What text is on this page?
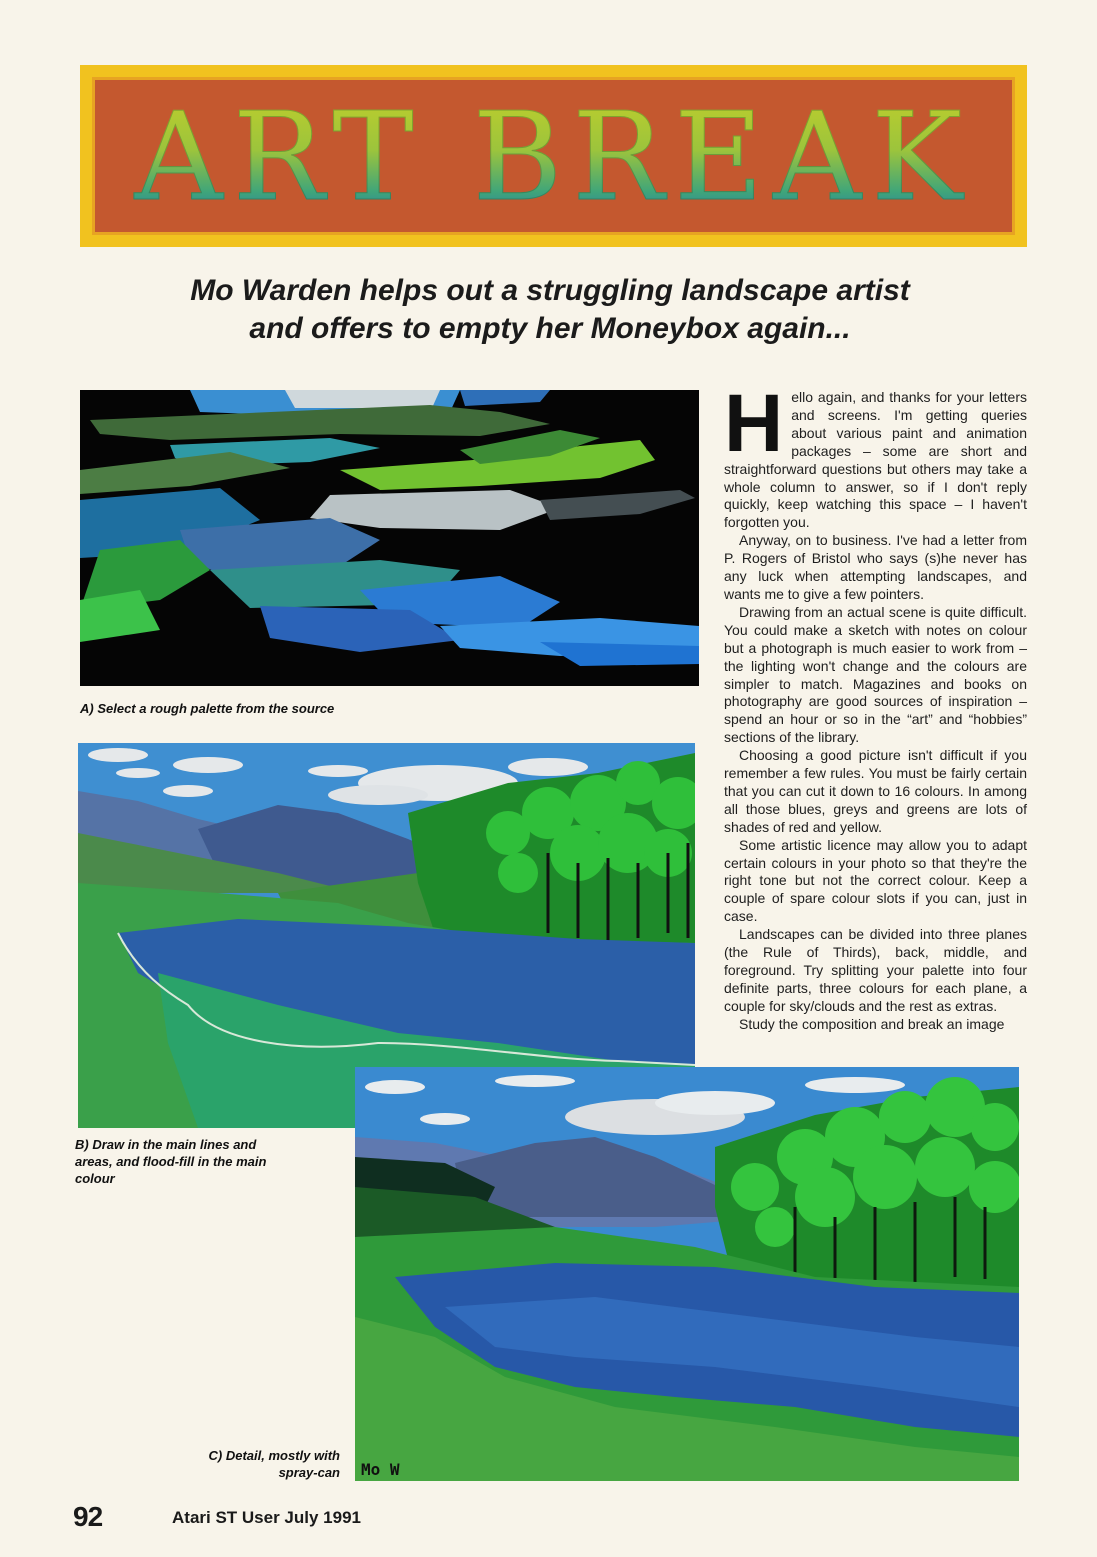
ART BREAK
Mo Warden helps out a struggling landscape artist
and offers to empty her Moneybox again...
A) Select a rough palette from the source
B) Draw in the main lines and areas, and flood-fill in the main colour
Mo W
C) Detail, mostly with spray-can

Hello again, and thanks for your letters and screens. I'm getting queries about various paint and animation packages – some are short and straightforward questions but others may take a whole column to answer, so if I don't reply quickly, keep watching this space – I haven't forgotten you.

Anyway, on to business. I've had a letter from P. Rogers of Bristol who says (s)he never has any luck when attempting landscapes, and wants me to give a few pointers.

Drawing from an actual scene is quite difficult. You could make a sketch with notes on colour but a photograph is much easier to work from – the lighting won't change and the colours are simpler to match. Magazines and books on photography are good sources of inspiration – spend an hour or so in the “art” and “hobbies” sections of the library.

Choosing a good picture isn't difficult if you remember a few rules. You must be fairly certain that you can cut it down to 16 colours. In among all those blues, greys and greens are lots of shades of red and yellow.

Some artistic licence may allow you to adapt certain colours in your photo so that they're the right tone but not the correct colour. Keep a couple of spare colour slots if you can, just in case.

Landscapes can be divided into three planes (the Rule of Thirds), back, middle, and foreground. Try splitting your palette into four definite parts, three colours for each plane, a couple for sky/clouds and the rest as extras.

Study the composition and break an image

92	Atari ST User July 1991
